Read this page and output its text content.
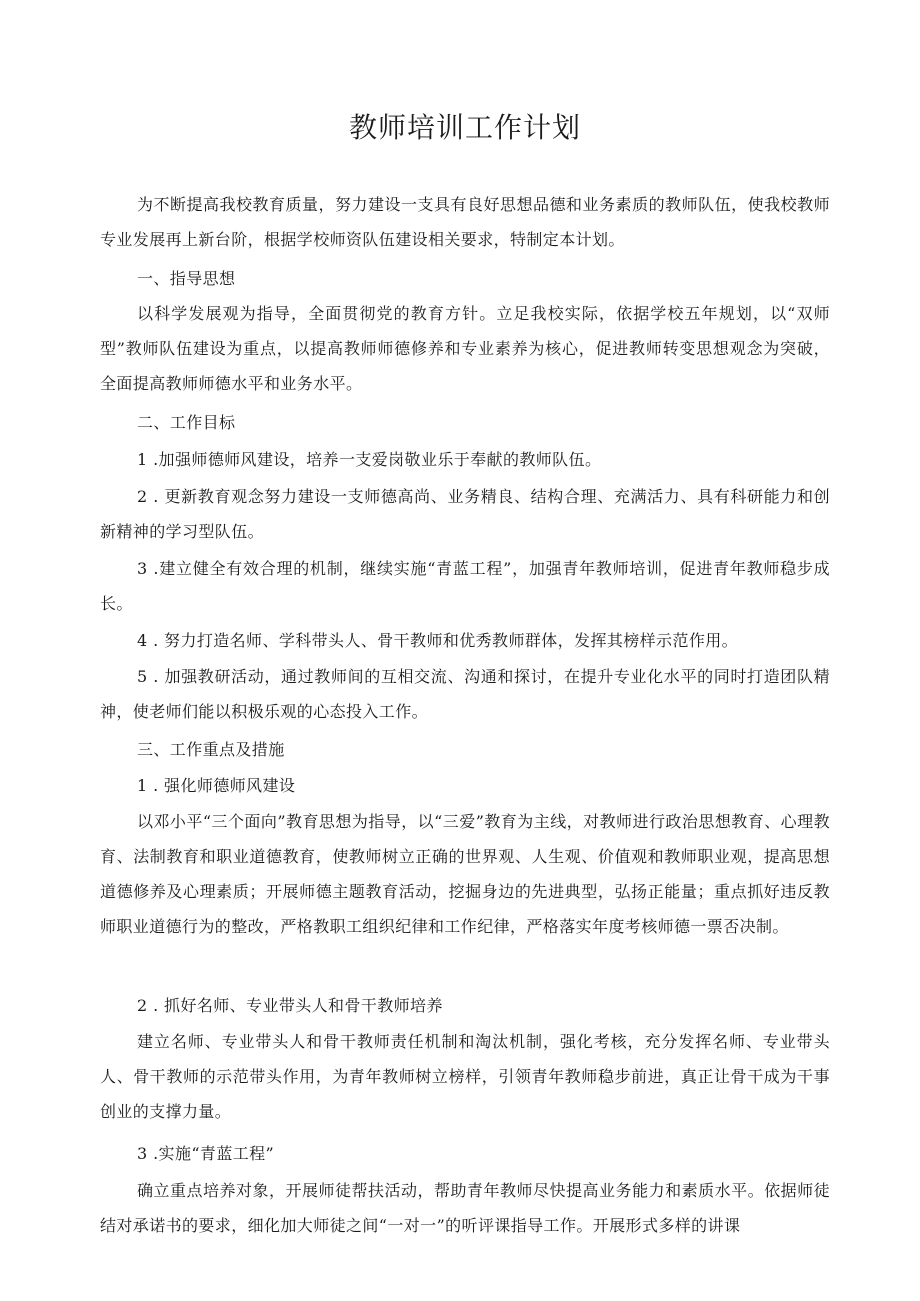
教师培训工作计划

为不断提高我校教育质量，努力建设一支具有良好思想品德和业务素质的教师队伍，使我校教师专业发展再上新台阶，根据学校师资队伍建设相关要求，特制定本计划。

一、指导思想

以科学发展观为指导，全面贯彻党的教育方针。立足我校实际，依据学校五年规划，以“双师型”教师队伍建设为重点，以提高教师师德修养和专业素养为核心，促进教师转变思想观念为突破，全面提高教师师德水平和业务水平。

二、工作目标

1 .加强师德师风建设，培养一支爱岗敬业乐于奉献的教师队伍。

2 . 更新教育观念努力建设一支师德高尚、业务精良、结构合理、充满活力、具有科研能力和创新精神的学习型队伍。

3 .建立健全有效合理的机制，继续实施“青蓝工程”，加强青年教师培训，促进青年教师稳步成长。

4 . 努力打造名师、学科带头人、骨干教师和优秀教师群体，发挥其榜样示范作用。

5 . 加强教研活动，通过教师间的互相交流、沟通和探讨，在提升专业化水平的同时打造团队精神，使老师们能以积极乐观的心态投入工作。

三、工作重点及措施

1 . 强化师德师风建设

以邓小平“三个面向”教育思想为指导，以“三爱”教育为主线，对教师进行政治思想教育、心理教育、法制教育和职业道德教育，使教师树立正确的世界观、人生观、价值观和教师职业观，提高思想道德修养及心理素质；开展师德主题教育活动，挖掘身边的先进典型，弘扬正能量；重点抓好违反教师职业道德行为的整改，严格教职工组织纪律和工作纪律，严格落实年度考核师德一票否决制。

2 . 抓好名师、专业带头人和骨干教师培养

建立名师、专业带头人和骨干教师责任机制和淘汰机制，强化考核，充分发挥名师、专业带头人、骨干教师的示范带头作用，为青年教师树立榜样，引领青年教师稳步前进，真正让骨干成为干事创业的支撑力量。

3 .实施“青蓝工程”

确立重点培养对象，开展师徒帮扶活动，帮助青年教师尽快提高业务能力和素质水平。依据师徒结对承诺书的要求，细化加大师徒之间“一对一”的听评课指导工作。开展形式多样的讲课
